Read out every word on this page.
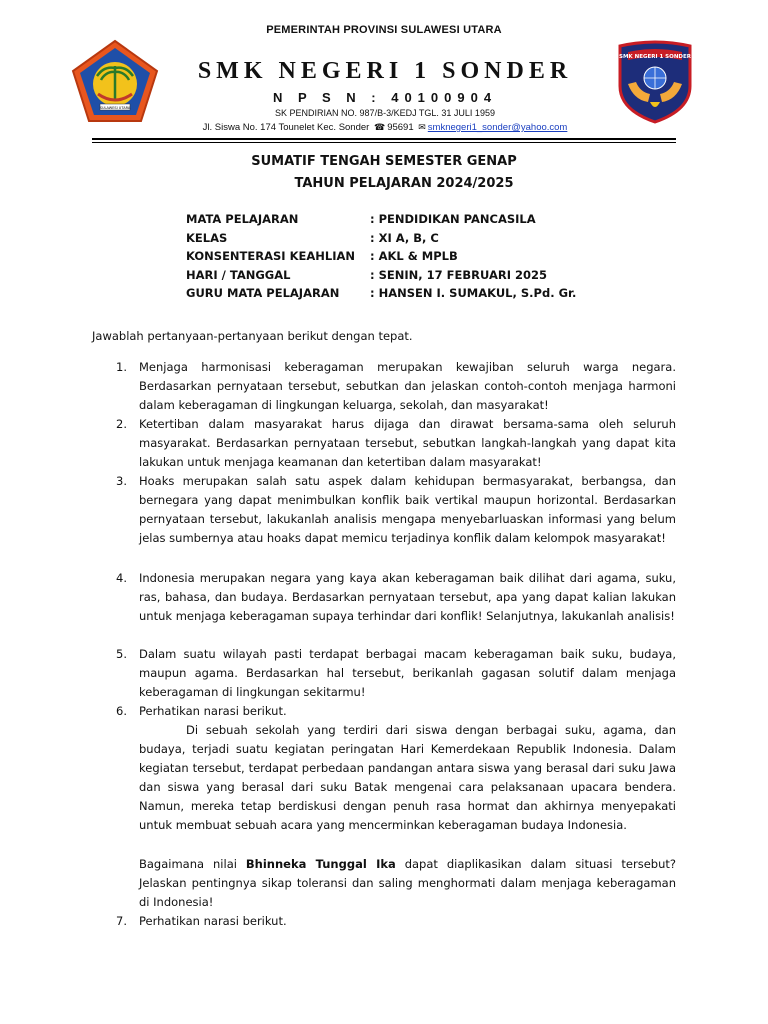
SULAWESI UTARA
SMK NEGERI 1 SONDER
PEMERINTAH PROVINSI SULAWESI UTARA
SMK NEGERI 1 SONDER
N P S N : 40100904
SK PENDIRIAN NO. 987/B-3/KEDJ TGL. 31 JULI 1959
Jl. Siswa No. 174 Tounelet Kec. Sonder ☎ 95691 ✉ smknegeri1_sonder@yahoo.com
SUMATIF TENGAH SEMESTER GENAP
TAHUN PELAJARAN 2024/2025
MATA PELAJARAN	: PENDIDIKAN PANCASILA
KELAS	: XI A, B, C
KONSENTERASI KEAHLIAN : AKL & MPLB
HARI / TANGGAL	: SENIN, 17 FEBRUARI 2025
GURU MATA PELAJARAN	: HANSEN I. SUMAKUL, S.Pd. Gr.
Jawablah pertanyaan-pertanyaan berikut dengan tepat.
1. Menjaga harmonisasi keberagaman merupakan kewajiban seluruh warga negara. Berdasarkan pernyataan tersebut, sebutkan dan jelaskan contoh-contoh menjaga harmoni dalam keberagaman di lingkungan keluarga, sekolah, dan masyarakat!
2. Ketertiban dalam masyarakat harus dijaga dan dirawat bersama-sama oleh seluruh masyarakat. Berdasarkan pernyataan tersebut, sebutkan langkah-langkah yang dapat kita lakukan untuk menjaga keamanan dan ketertiban dalam masyarakat!
3. Hoaks merupakan salah satu aspek dalam kehidupan bermasyarakat, berbangsa, dan bernegara yang dapat menimbulkan konflik baik vertikal maupun horizontal. Berdasarkan pernyataan tersebut, lakukanlah analisis mengapa menyebarluaskan informasi yang belum jelas sumbernya atau hoaks dapat memicu terjadinya konflik dalam kelompok masyarakat!
4. Indonesia merupakan negara yang kaya akan keberagaman baik dilihat dari agama, suku, ras, bahasa, dan budaya. Berdasarkan pernyataan tersebut, apa yang dapat kalian lakukan untuk menjaga keberagaman supaya terhindar dari konflik! Selanjutnya, lakukanlah analisis!
5. Dalam suatu wilayah pasti terdapat berbagai macam keberagaman baik suku, budaya, maupun agama. Berdasarkan hal tersebut, berikanlah gagasan solutif dalam menjaga keberagaman di lingkungan sekitarmu!
6. Perhatikan narasi berikut.
Di sebuah sekolah yang terdiri dari siswa dengan berbagai suku, agama, dan budaya, terjadi suatu kegiatan peringatan Hari Kemerdekaan Republik Indonesia. Dalam kegiatan tersebut, terdapat perbedaan pandangan antara siswa yang berasal dari suku Jawa dan siswa yang berasal dari suku Batak mengenai cara pelaksanaan upacara bendera. Namun, mereka tetap berdiskusi dengan penuh rasa hormat dan akhirnya menyepakati untuk membuat sebuah acara yang mencerminkan keberagaman budaya Indonesia.
Bagaimana nilai Bhinneka Tunggal Ika dapat diaplikasikan dalam situasi tersebut? Jelaskan pentingnya sikap toleransi dan saling menghormati dalam menjaga keberagaman di Indonesia!
7. Perhatikan narasi berikut.
